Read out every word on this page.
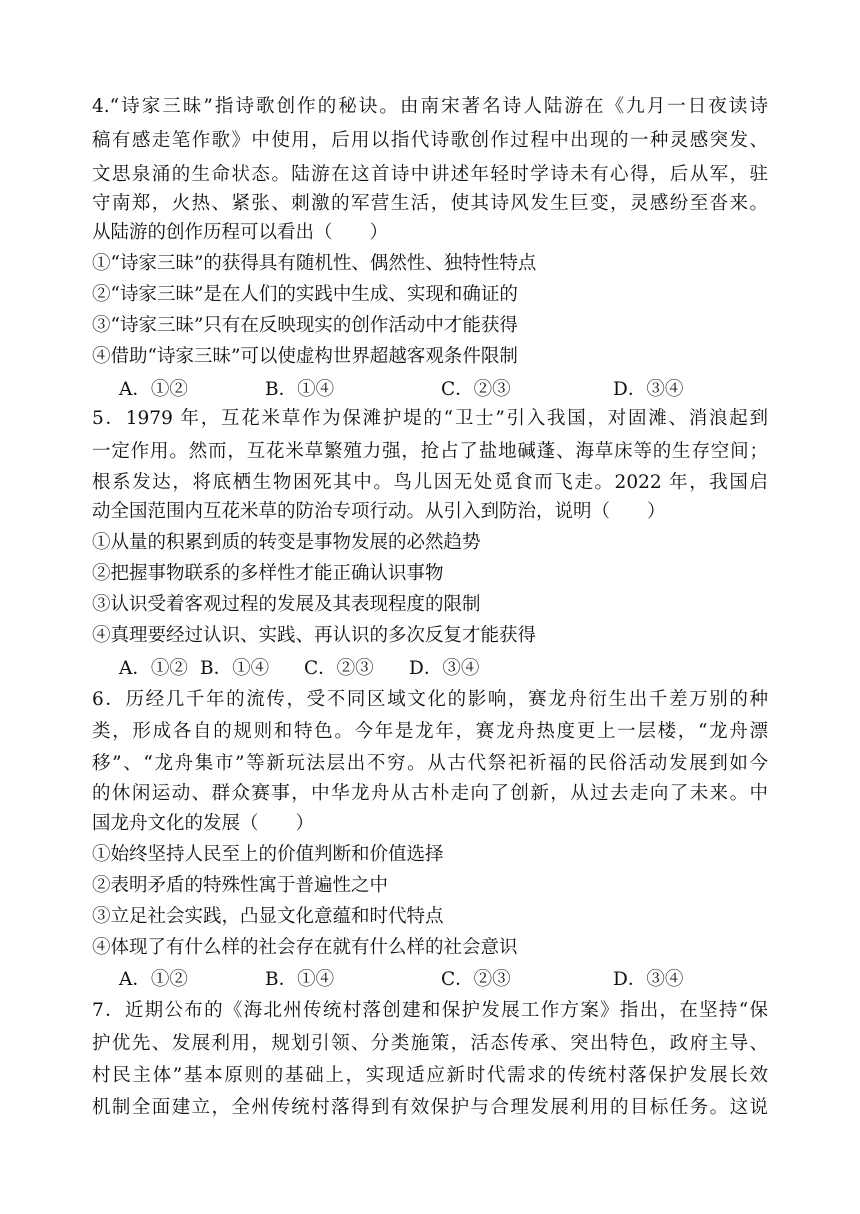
4.“诗家三昧”指诗歌创作的秘诀。由南宋著名诗人陆游在《九月一日夜读诗
稿有感走笔作歌》中使用，后用以指代诗歌创作过程中出现的一种灵感突发、
文思泉涌的生命状态。陆游在这首诗中讲述年轻时学诗未有心得，后从军，驻
守南郑，火热、紧张、刺激的军营生活，使其诗风发生巨变，灵感纷至沓来。
从陆游的创作历程可以看出（　　）
①“诗家三昧”的获得具有随机性、偶然性、独特性特点
②“诗家三昧”是在人们的实践中生成、实现和确证的
③“诗家三昧”只有在反映现实的创作活动中才能获得
④借助“诗家三昧”可以使虚构世界超越客观条件限制
A．①②	B．①④	C．②③	D．③④
5．1979 年，互花米草作为保滩护堤的“卫士”引入我国，对固滩、消浪起到
一定作用。然而，互花米草繁殖力强，抢占了盐地碱蓬、海草床等的生存空间；
根系发达，将底栖生物困死其中。鸟儿因无处觅食而飞走。2022 年，我国启
动全国范围内互花米草的防治专项行动。从引入到防治，说明（　　）
①从量的积累到质的转变是事物发展的必然趋势
②把握事物联系的多样性才能正确认识事物
③认识受着客观过程的发展及其表现程度的限制
④真理要经过认识、实践、再认识的多次反复才能获得
A．①② B．①④ C．②③ D．③④
6．历经几千年的流传，受不同区域文化的影响，赛龙舟衍生出千差万别的种
类，形成各自的规则和特色。今年是龙年，赛龙舟热度更上一层楼，“龙舟漂
移”、“龙舟集市”等新玩法层出不穷。从古代祭祀祈福的民俗活动发展到如今
的休闲运动、群众赛事，中华龙舟从古朴走向了创新，从过去走向了未来。中
国龙舟文化的发展（　　）
①始终坚持人民至上的价值判断和价值选择
②表明矛盾的特殊性寓于普遍性之中
③立足社会实践，凸显文化意蕴和时代特点
④体现了有什么样的社会存在就有什么样的社会意识
A．①②	B．①④	C．②③	D．③④
7．近期公布的《海北州传统村落创建和保护发展工作方案》指出，在坚持“保
护优先、发展利用，规划引领、分类施策，活态传承、突出特色，政府主导、
村民主体”基本原则的基础上，实现适应新时代需求的传统村落保护发展长效
机制全面建立，全州传统村落得到有效保护与合理发展利用的目标任务。这说
